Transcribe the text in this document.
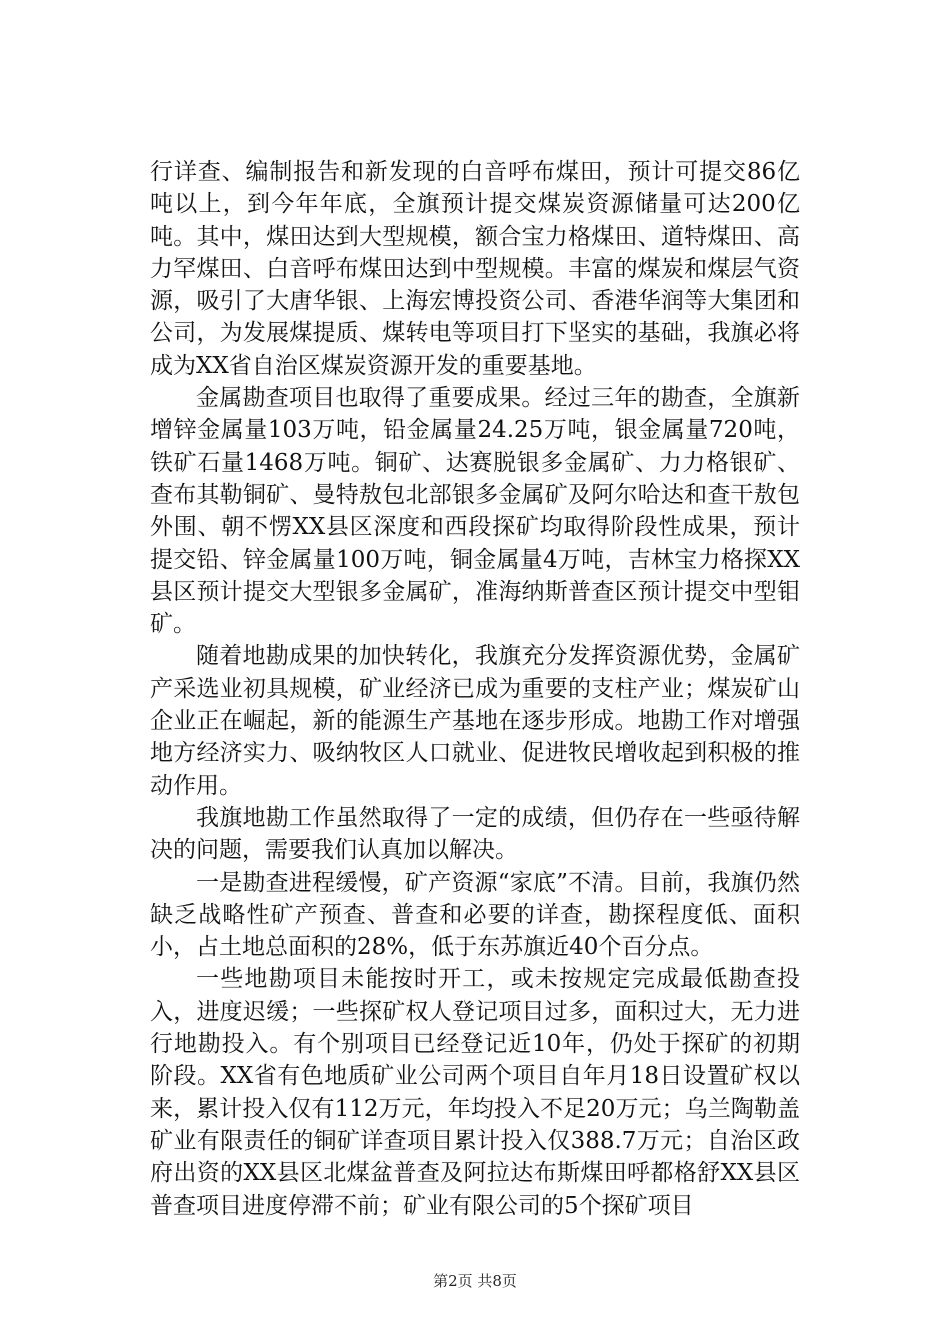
行详查、编制报告和新发现的白音呼布煤田，预计可提交86亿吨以上，到今年年底，全旗预计提交煤炭资源储量可达200亿吨。其中，煤田达到大型规模，额合宝力格煤田、道特煤田、高力罕煤田、白音呼布煤田达到中型规模。丰富的煤炭和煤层气资源，吸引了大唐华银、上海宏博投资公司、香港华润等大集团和公司，为发展煤提质、煤转电等项目打下坚实的基础，我旗必将成为XX省自治区煤炭资源开发的重要基地。

金属勘查项目也取得了重要成果。经过三年的勘查，全旗新增锌金属量103万吨，铅金属量24.25万吨，银金属量720吨，铁矿石量1468万吨。铜矿、达赛脱银多金属矿、力力格银矿、查布其勒铜矿、曼特敖包北部银多金属矿及阿尔哈达和查干敖包外围、朝不愣XX县区深度和西段探矿均取得阶段性成果，预计提交铅、锌金属量100万吨，铜金属量4万吨，吉林宝力格探XX县区预计提交大型银多金属矿，准海纳斯普查区预计提交中型钼矿。

随着地勘成果的加快转化，我旗充分发挥资源优势，金属矿产采选业初具规模，矿业经济已成为重要的支柱产业；煤炭矿山企业正在崛起，新的能源生产基地在逐步形成。地勘工作对增强地方经济实力、吸纳牧区人口就业、促进牧民增收起到积极的推动作用。

我旗地勘工作虽然取得了一定的成绩，但仍存在一些亟待解决的问题，需要我们认真加以解决。

一是勘查进程缓慢，矿产资源“家底”不清。目前，我旗仍然缺乏战略性矿产预查、普查和必要的详查，勘探程度低、面积小，占土地总面积的28%，低于东苏旗近40个百分点。

一些地勘项目未能按时开工，或未按规定完成最低勘查投入，进度迟缓；一些探矿权人登记项目过多，面积过大，无力进行地勘投入。有个别项目已经登记近10年，仍处于探矿的初期阶段。XX省有色地质矿业公司两个项目自年月18日设置矿权以来，累计投入仅有112万元，年均投入不足20万元；乌兰陶勒盖矿业有限责任的铜矿详查项目累计投入仅388.7万元；自治区政府出资的XX县区北煤盆普查及阿拉达布斯煤田呼都格舒XX县区普查项目进度停滞不前；矿业有限公司的5个探矿项目

第2页 共8页
